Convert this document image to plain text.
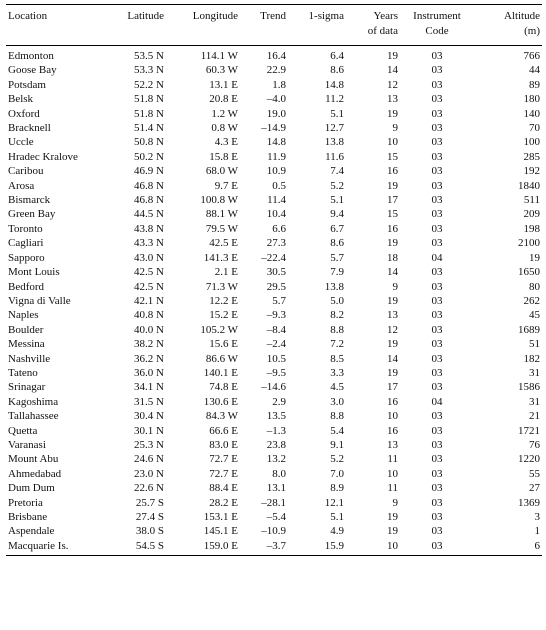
Location	Latitude	Longitude	Trend	1-sigma	Years
of data	Instrument
Code	Altitude
(m)
Edmonton	53.5 N	114.1 W	16.4	6.4	19	03	766
Goose Bay	53.3 N	60.3 W	22.9	8.6	14	03	44
Potsdam	52.2 N	13.1 E	1.8	14.8	12	03	89
Belsk	51.8 N	20.8 E	–4.0	11.2	13	03	180
Oxford	51.8 N	1.2 W	19.0	5.1	19	03	140
Bracknell	51.4 N	0.8 W	–14.9	12.7	9	03	70
Uccle	50.8 N	4.3 E	14.8	13.8	10	03	100
Hradec Kralove	50.2 N	15.8 E	11.9	11.6	15	03	285
Caribou	46.9 N	68.0 W	10.9	7.4	16	03	192
Arosa	46.8 N	9.7 E	0.5	5.2	19	03	1840
Bismarck	46.8 N	100.8 W	11.4	5.1	17	03	511
Green Bay	44.5 N	88.1 W	10.4	9.4	15	03	209
Toronto	43.8 N	79.5 W	6.6	6.7	16	03	198
Cagliari	43.3 N	42.5 E	27.3	8.6	19	03	2100
Sapporo	43.0 N	141.3 E	–22.4	5.7	18	04	19
Mont Louis	42.5 N	2.1 E	30.5	7.9	14	03	1650
Bedford	42.5 N	71.3 W	29.5	13.8	9	03	80
Vigna di Valle	42.1 N	12.2 E	5.7	5.0	19	03	262
Naples	40.8 N	15.2 E	–9.3	8.2	13	03	45
Boulder	40.0 N	105.2 W	–8.4	8.8	12	03	1689
Messina	38.2 N	15.6 E	–2.4	7.2	19	03	51
Nashville	36.2 N	86.6 W	10.5	8.5	14	03	182
Tateno	36.0 N	140.1 E	–9.5	3.3	19	03	31
Srinagar	34.1 N	74.8 E	–14.6	4.5	17	03	1586
Kagoshima	31.5 N	130.6 E	2.9	3.0	16	04	31
Tallahassee	30.4 N	84.3 W	13.5	8.8	10	03	21
Quetta	30.1 N	66.6 E	–1.3	5.4	16	03	1721
Varanasi	25.3 N	83.0 E	23.8	9.1	13	03	76
Mount Abu	24.6 N	72.7 E	13.2	5.2	11	03	1220
Ahmedabad	23.0 N	72.7 E	8.0	7.0	10	03	55
Dum Dum	22.6 N	88.4 E	13.1	8.9	11	03	27
Pretoria	25.7 S	28.2 E	–28.1	12.1	9	03	1369
Brisbane	27.4 S	153.1 E	–5.4	5.1	19	03	3
Aspendale	38.0 S	145.1 E	–10.9	4.9	19	03	1
Macquarie Is.	54.5 S	159.0 E	–3.7	15.9	10	03	6
